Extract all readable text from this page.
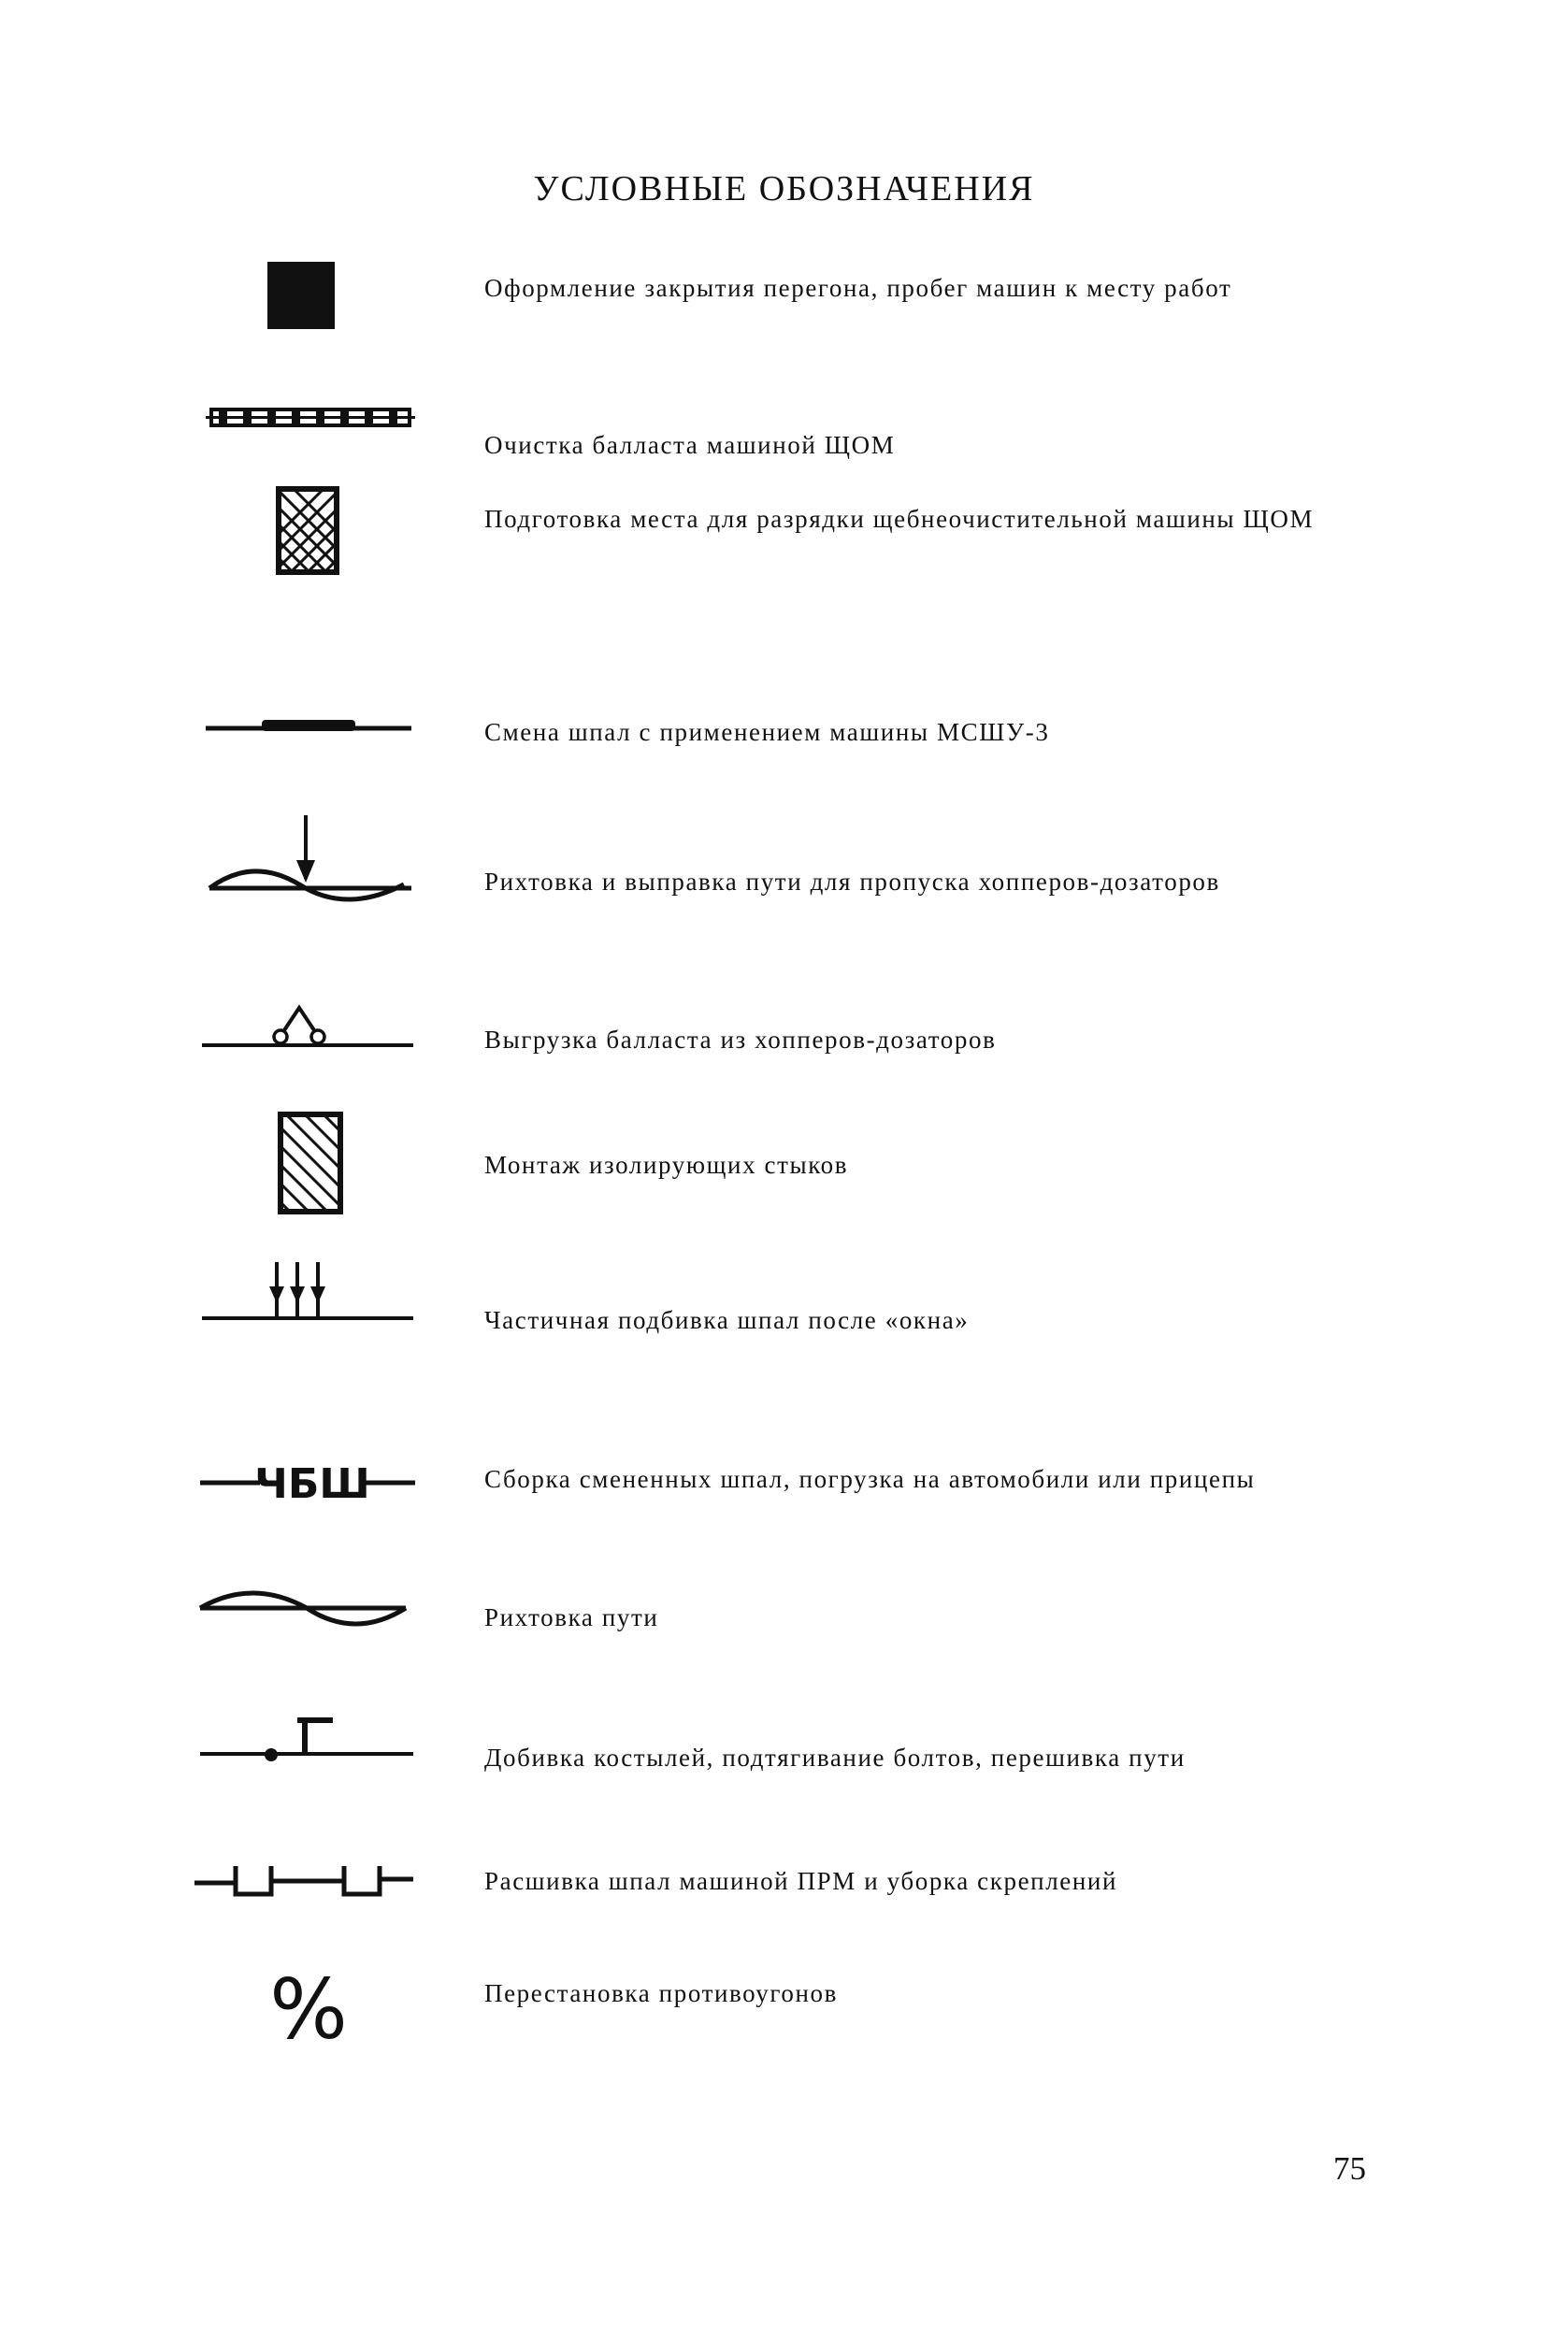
УСЛОВНЫЕ ОБОЗНАЧЕНИЯ
Оформление закрытия перегона, пробег машин к месту работ
Очистка балласта машиной ЩОМ
Подготовка места для разрядки щебнеочистительной машины ЩОМ
Смена шпал с применением машины МСШУ-3
Рихтовка и выправка пути для пропуска хопперов-дозаторов
Выгрузка балласта из хопперов-дозаторов
Монтаж изолирующих стыков
Частичная подбивка шпал после «окна»
ЧБШ	Сборка смененных шпал, погрузка на автомобили или прицепы
Рихтовка пути
Добивка костылей, подтягивание болтов, перешивка пути
Расшивка шпал машиной ПРМ и уборка скреплений
%	Перестановка противоугонов
75
